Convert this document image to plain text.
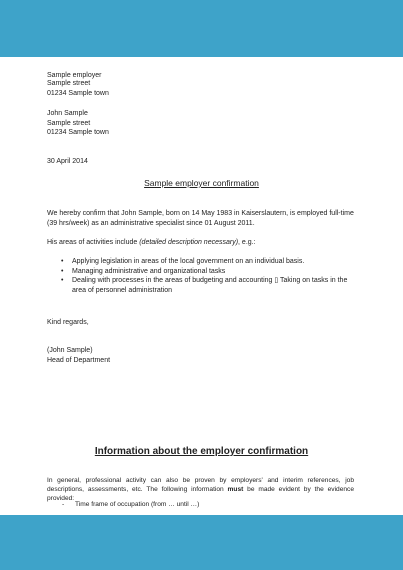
Sample employer
Sample street
01234 Sample town
John Sample
Sample street
01234 Sample town
30 April 2014
Sample employer confirmation
We hereby confirm that John Sample, born on 14 May 1983 in Kaiserslautern, is employed full-time
(39 hrs/week) as an administrative specialist since 01 August 2011.
His areas of activities include (detailed description necessary), e.g.:
• Applying legislation in areas of the local government on an individual basis.
• Managing administrative and organizational tasks
• Dealing with processes in the areas of budgeting and accounting ▯ Taking on tasks in the area of personnel administration
Kind regards,
(John Sample)
Head of Department
Information about the employer confirmation
In general, professional activity can also be proven by employers' and interim references, job descriptions, assessments, etc. The following information must be made evident by the evidence provided:
- Time frame of occupation (from … until …)
